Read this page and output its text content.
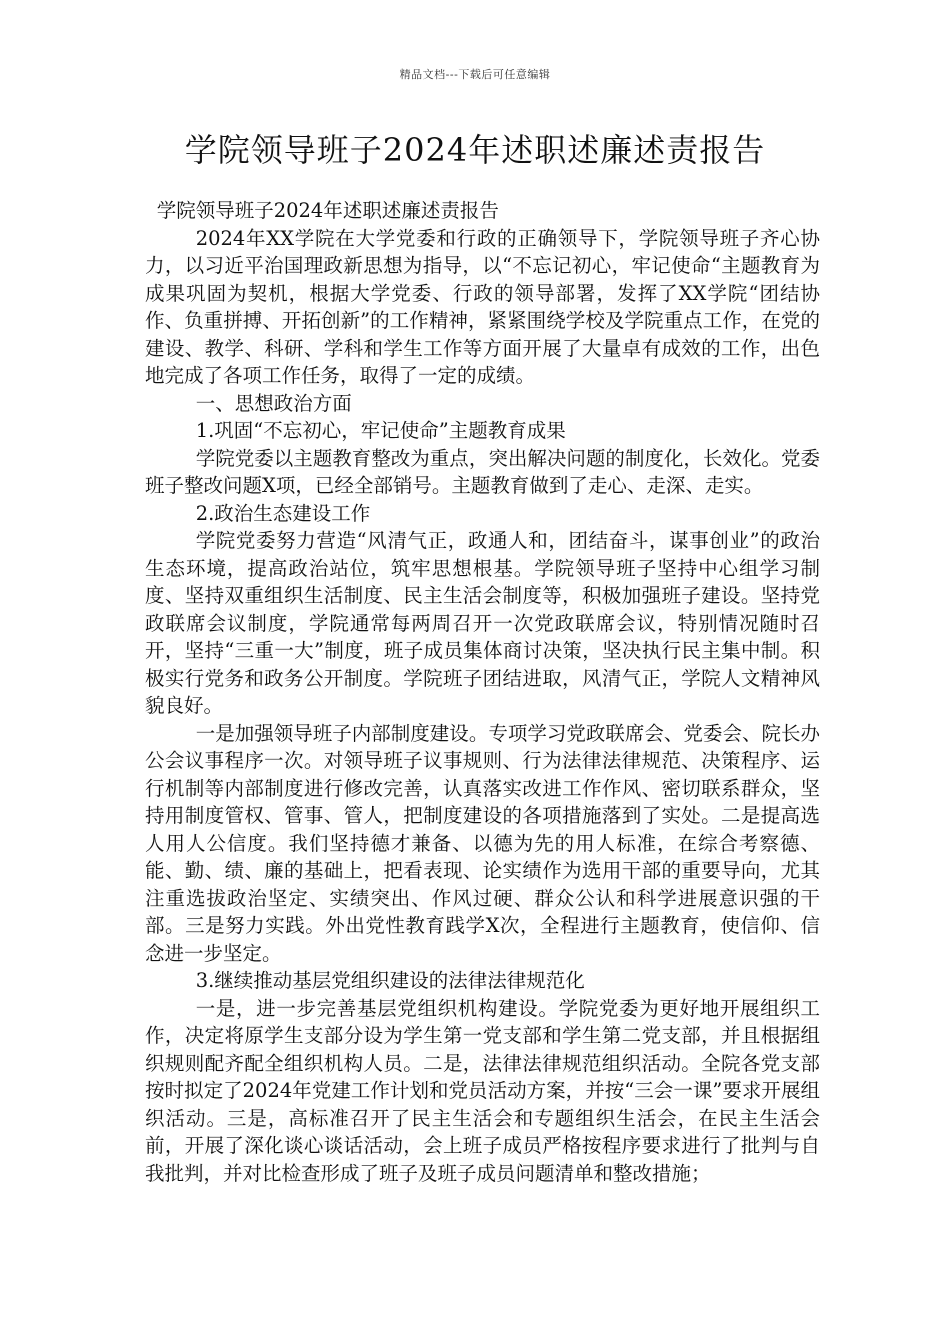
精品文档---下载后可任意编辑
学院领导班子2024年述职述廉述责报告

学院领导班子2024年述职述廉述责报告

2024年XX学院在大学党委和行政的正确领导下，学院领导班子齐心协力，以习近平治国理政新思想为指导，以“不忘记初心，牢记使命“主题教育为成果巩固为契机，根据大学党委、行政的领导部署，发挥了XX学院“团结协作、负重拼搏、开拓创新”的工作精神，紧紧围绕学校及学院重点工作，在党的建设、教学、科研、学科和学生工作等方面开展了大量卓有成效的工作，出色地完成了各项工作任务，取得了一定的成绩。

一、思想政治方面

1.巩固“不忘初心，牢记使命”主题教育成果

学院党委以主题教育整改为重点，突出解决问题的制度化，长效化。党委班子整改问题X项，已经全部销号。主题教育做到了走心、走深、走实。

2.政治生态建设工作

学院党委努力营造“风清气正，政通人和，团结奋斗，谋事创业”的政治生态环境，提高政治站位，筑牢思想根基。学院领导班子坚持中心组学习制度、坚持双重组织生活制度、民主生活会制度等，积极加强班子建设。坚持党政联席会议制度，学院通常每两周召开一次党政联席会议，特别情况随时召开，坚持“三重一大”制度，班子成员集体商讨决策，坚决执行民主集中制。积极实行党务和政务公开制度。学院班子团结进取，风清气正，学院人文精神风貌良好。

一是加强领导班子内部制度建设。专项学习党政联席会、党委会、院长办公会议事程序一次。对领导班子议事规则、行为法律法律规范、决策程序、运行机制等内部制度进行修改完善，认真落实改进工作作风、密切联系群众，坚持用制度管权、管事、管人，把制度建设的各项措施落到了实处。二是提高选人用人公信度。我们坚持德才兼备、以德为先的用人标准，在综合考察德、能、勤、绩、廉的基础上，把看表现、论实绩作为选用干部的重要导向，尤其注重选拔政治坚定、实绩突出、作风过硬、群众公认和科学进展意识强的干部。三是努力实践。外出党性教育践学X次，全程进行主题教育，使信仰、信念进一步坚定。

3.继续推动基层党组织建设的法律法律规范化

一是，进一步完善基层党组织机构建设。学院党委为更好地开展组织工作，决定将原学生支部分设为学生第一党支部和学生第二党支部，并且根据组织规则配齐配全组织机构人员。二是，法律法律规范组织活动。全院各党支部按时拟定了2024年党建工作计划和党员活动方案，并按“三会一课”要求开展组织活动。三是，高标准召开了民主生活会和专题组织生活会，在民主生活会前，开展了深化谈心谈话活动，会上班子成员严格按程序要求进行了批判与自我批判，并对比检查形成了班子及班子成员问题清单和整改措施；
